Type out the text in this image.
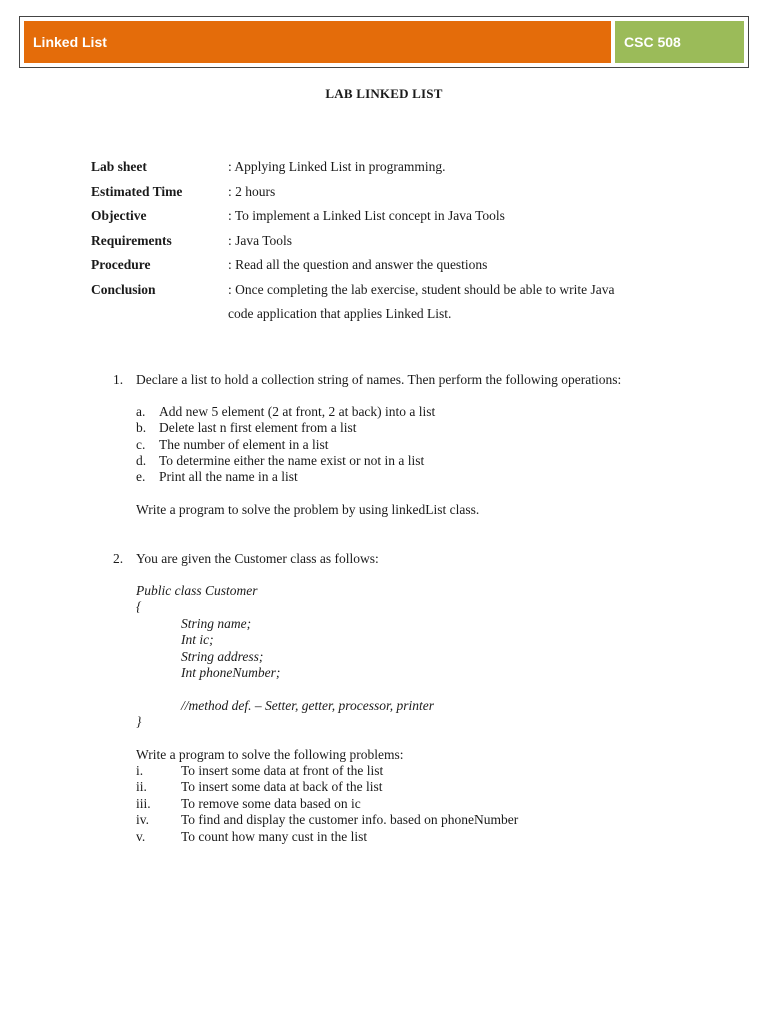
Linked List	CSC 508
LAB LINKED LIST
Lab sheet	: Applying Linked List in programming.
Estimated Time	: 2 hours
Objective	: To implement a Linked List concept in Java Tools
Requirements	: Java Tools
Procedure	: Read all the question and answer the questions
Conclusion	: Once completing the lab exercise, student should be able to write Java
code application that applies Linked List.
1. Declare a list to hold a collection string of names. Then perform the following operations:
a. Add new 5 element (2 at front, 2 at back) into a list
b. Delete last n first element from a list
c. The number of element in a list
d. To determine either the name exist or not in a list
e. Print all the name in a list
Write a program to solve the problem by using linkedList class.
2. You are given the Customer class as follows:
Public class Customer
{
String name;
Int ic;
String address;
Int phoneNumber;
//method def. – Setter, getter, processor, printer
}
Write a program to solve the following problems:
i.	To insert some data at front of the list
ii.	To insert some data at back of the list
iii. To remove some data based on ic
iv. To find and display the customer info. based on phoneNumber
v.	To count how many cust in the list
